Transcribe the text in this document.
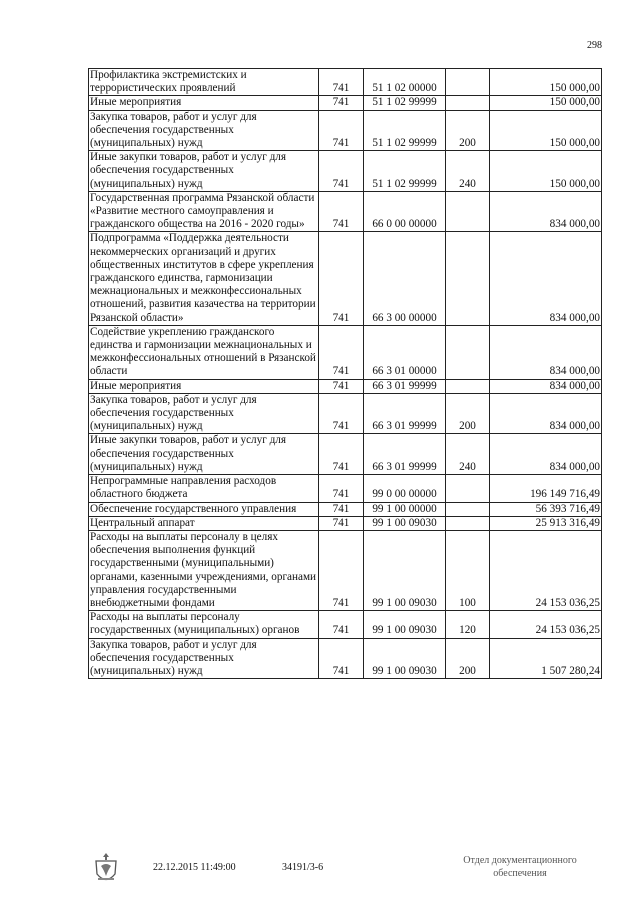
298
Профилактика экстремистских и террористических проявлений	741	51 1 02 00000		150 000,00
Иные мероприятия	741	51 1 02 99999		150 000,00
Закупка товаров, работ и услуг для обеспечения государственных (муниципальных) нужд	741	51 1 02 99999	200	150 000,00
Иные закупки товаров, работ и услуг для обеспечения государственных (муниципальных) нужд	741	51 1 02 99999	240	150 000,00
Государственная программа Рязанской области «Развитие местного самоуправления и гражданского общества на 2016 - 2020 годы»	741	66 0 00 00000		834 000,00
Подпрограмма «Поддержка деятельности некоммерческих организаций и других общественных институтов в сфере укрепления гражданского единства, гармонизации межнациональных и межконфессиональных отношений, развития казачества на территории Рязанской области»	741	66 3 00 00000		834 000,00
Содействие укреплению гражданского единства и гармонизации межнациональных и межконфессиональных отношений в Рязанской области	741	66 3 01 00000		834 000,00
Иные мероприятия	741	66 3 01 99999		834 000,00
Закупка товаров, работ и услуг для обеспечения государственных (муниципальных) нужд	741	66 3 01 99999	200	834 000,00
Иные закупки товаров, работ и услуг для обеспечения государственных (муниципальных) нужд	741	66 3 01 99999	240	834 000,00
Непрограммные направления расходов областного бюджета	741	99 0 00 00000		196 149 716,49
Обеспечение государственного управления	741	99 1 00 00000		56 393 716,49
Центральный аппарат	741	99 1 00 09030		25 913 316,49
Расходы на выплаты персоналу в целях обеспечения выполнения функций государственными (муниципальными) органами, казенными учреждениями, органами управления государственными внебюджетными фондами	741	99 1 00 09030	100	24 153 036,25
Расходы на выплаты персоналу государственных (муниципальных) органов	741	99 1 00 09030	120	24 153 036,25
Закупка товаров, работ и услуг для обеспечения государственных (муниципальных) нужд	741	99 1 00 09030	200	1 507 280,24
22.12.2015 11:49:00	34191/3-6
Отдел документационного обеспечения
